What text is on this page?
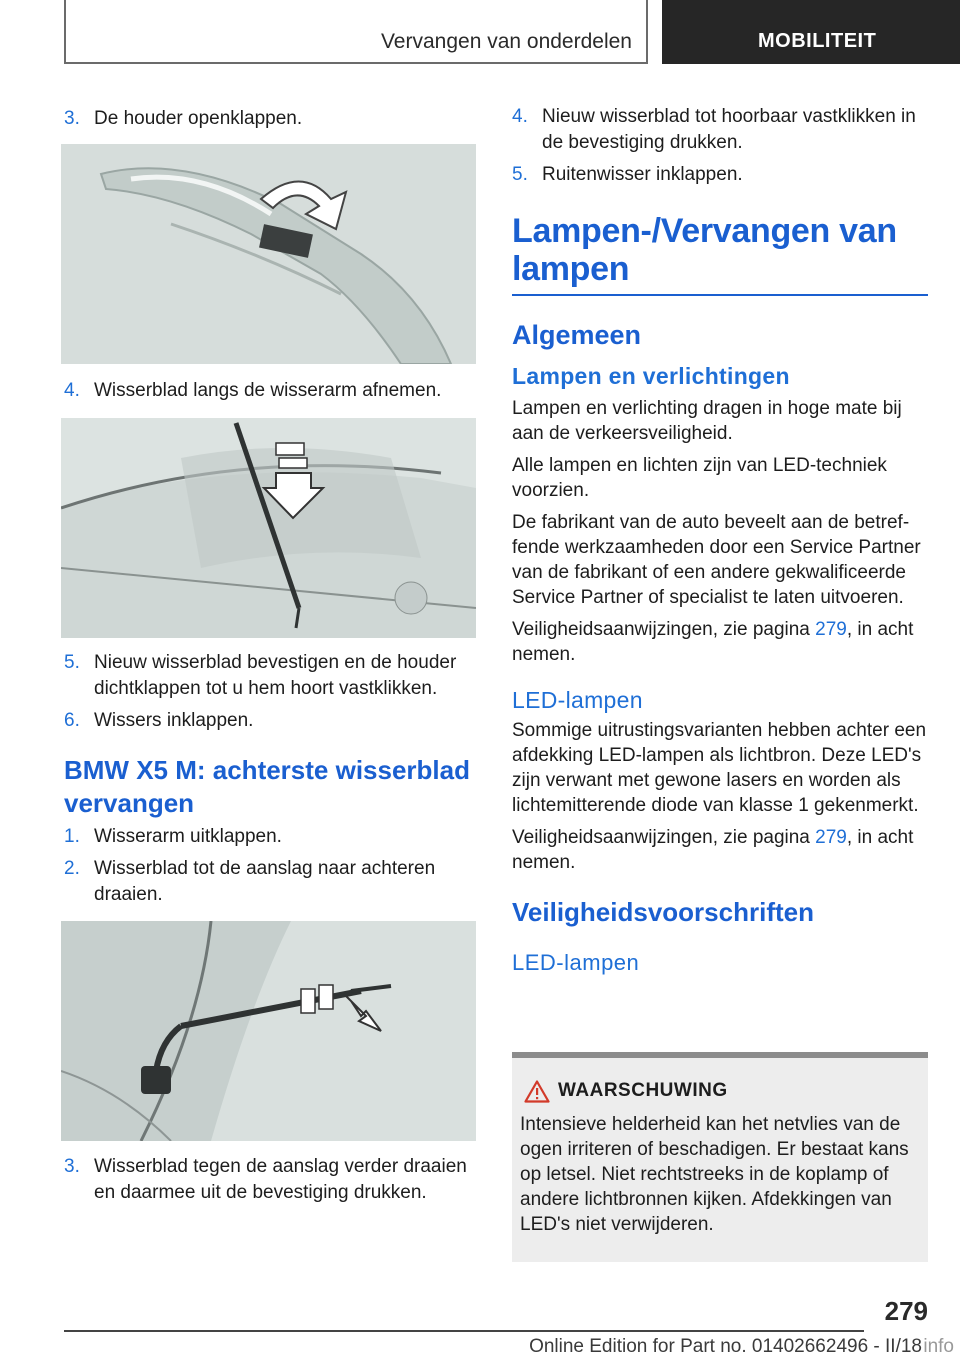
Vervangen van onderdelen	MOBILITEIT

3. De houder openklappen.

4. Wisserblad langs de wisserarm afnemen.

5. Nieuw wisserblad bevestigen en de houder dichtklappen tot u hem hoort vastklikken.

6. Wissers inklappen.

BMW X5 M: achterste wisserblad vervangen

1. Wisserarm uitklappen.

2. Wisserblad tot de aanslag naar achteren draaien.

3. Wisserblad tegen de aanslag verder draaien en daarmee uit de bevestiging drukken.

4. Nieuw wisserblad tot hoorbaar vastklikken in de bevestiging drukken.

5. Ruitenwisser inklappen.

Lampen-/Vervangen van lampen
Algemeen
Lampen en verlichtingen

Lampen en verlichting dragen in hoge mate bij aan de verkeersveiligheid.

Alle lampen en lichten zijn van LED-techniek voorzien.

De fabrikant van de auto beveelt aan de betreffende werkzaamheden door een Service Partner van de fabrikant of een andere gekwalificeerde Service Partner of specialist te laten uitvoeren.

Veiligheidsaanwijzingen, zie pagina 279, in acht nemen.

LED-lampen

Sommige uitrustingsvarianten hebben achter een afdekking LED-lampen als lichtbron. Deze LED's zijn verwant met gewone lasers en worden als lichtemitterende diode van klasse 1 gekenmerkt.

Veiligheidsaanwijzingen, zie pagina 279, in acht nemen.

Veiligheidsvoorschriften
LED-lampen
WAARSCHUWING

Intensieve helderheid kan het netvlies van de ogen irriteren of beschadigen. Er bestaat kans op letsel. Niet rechtstreeks in de koplamp of andere lichtbronnen kijken. Afdekkingen van LED's niet verwijderen.

279
Online Edition for Part no. 01402662496 - II/18 info
